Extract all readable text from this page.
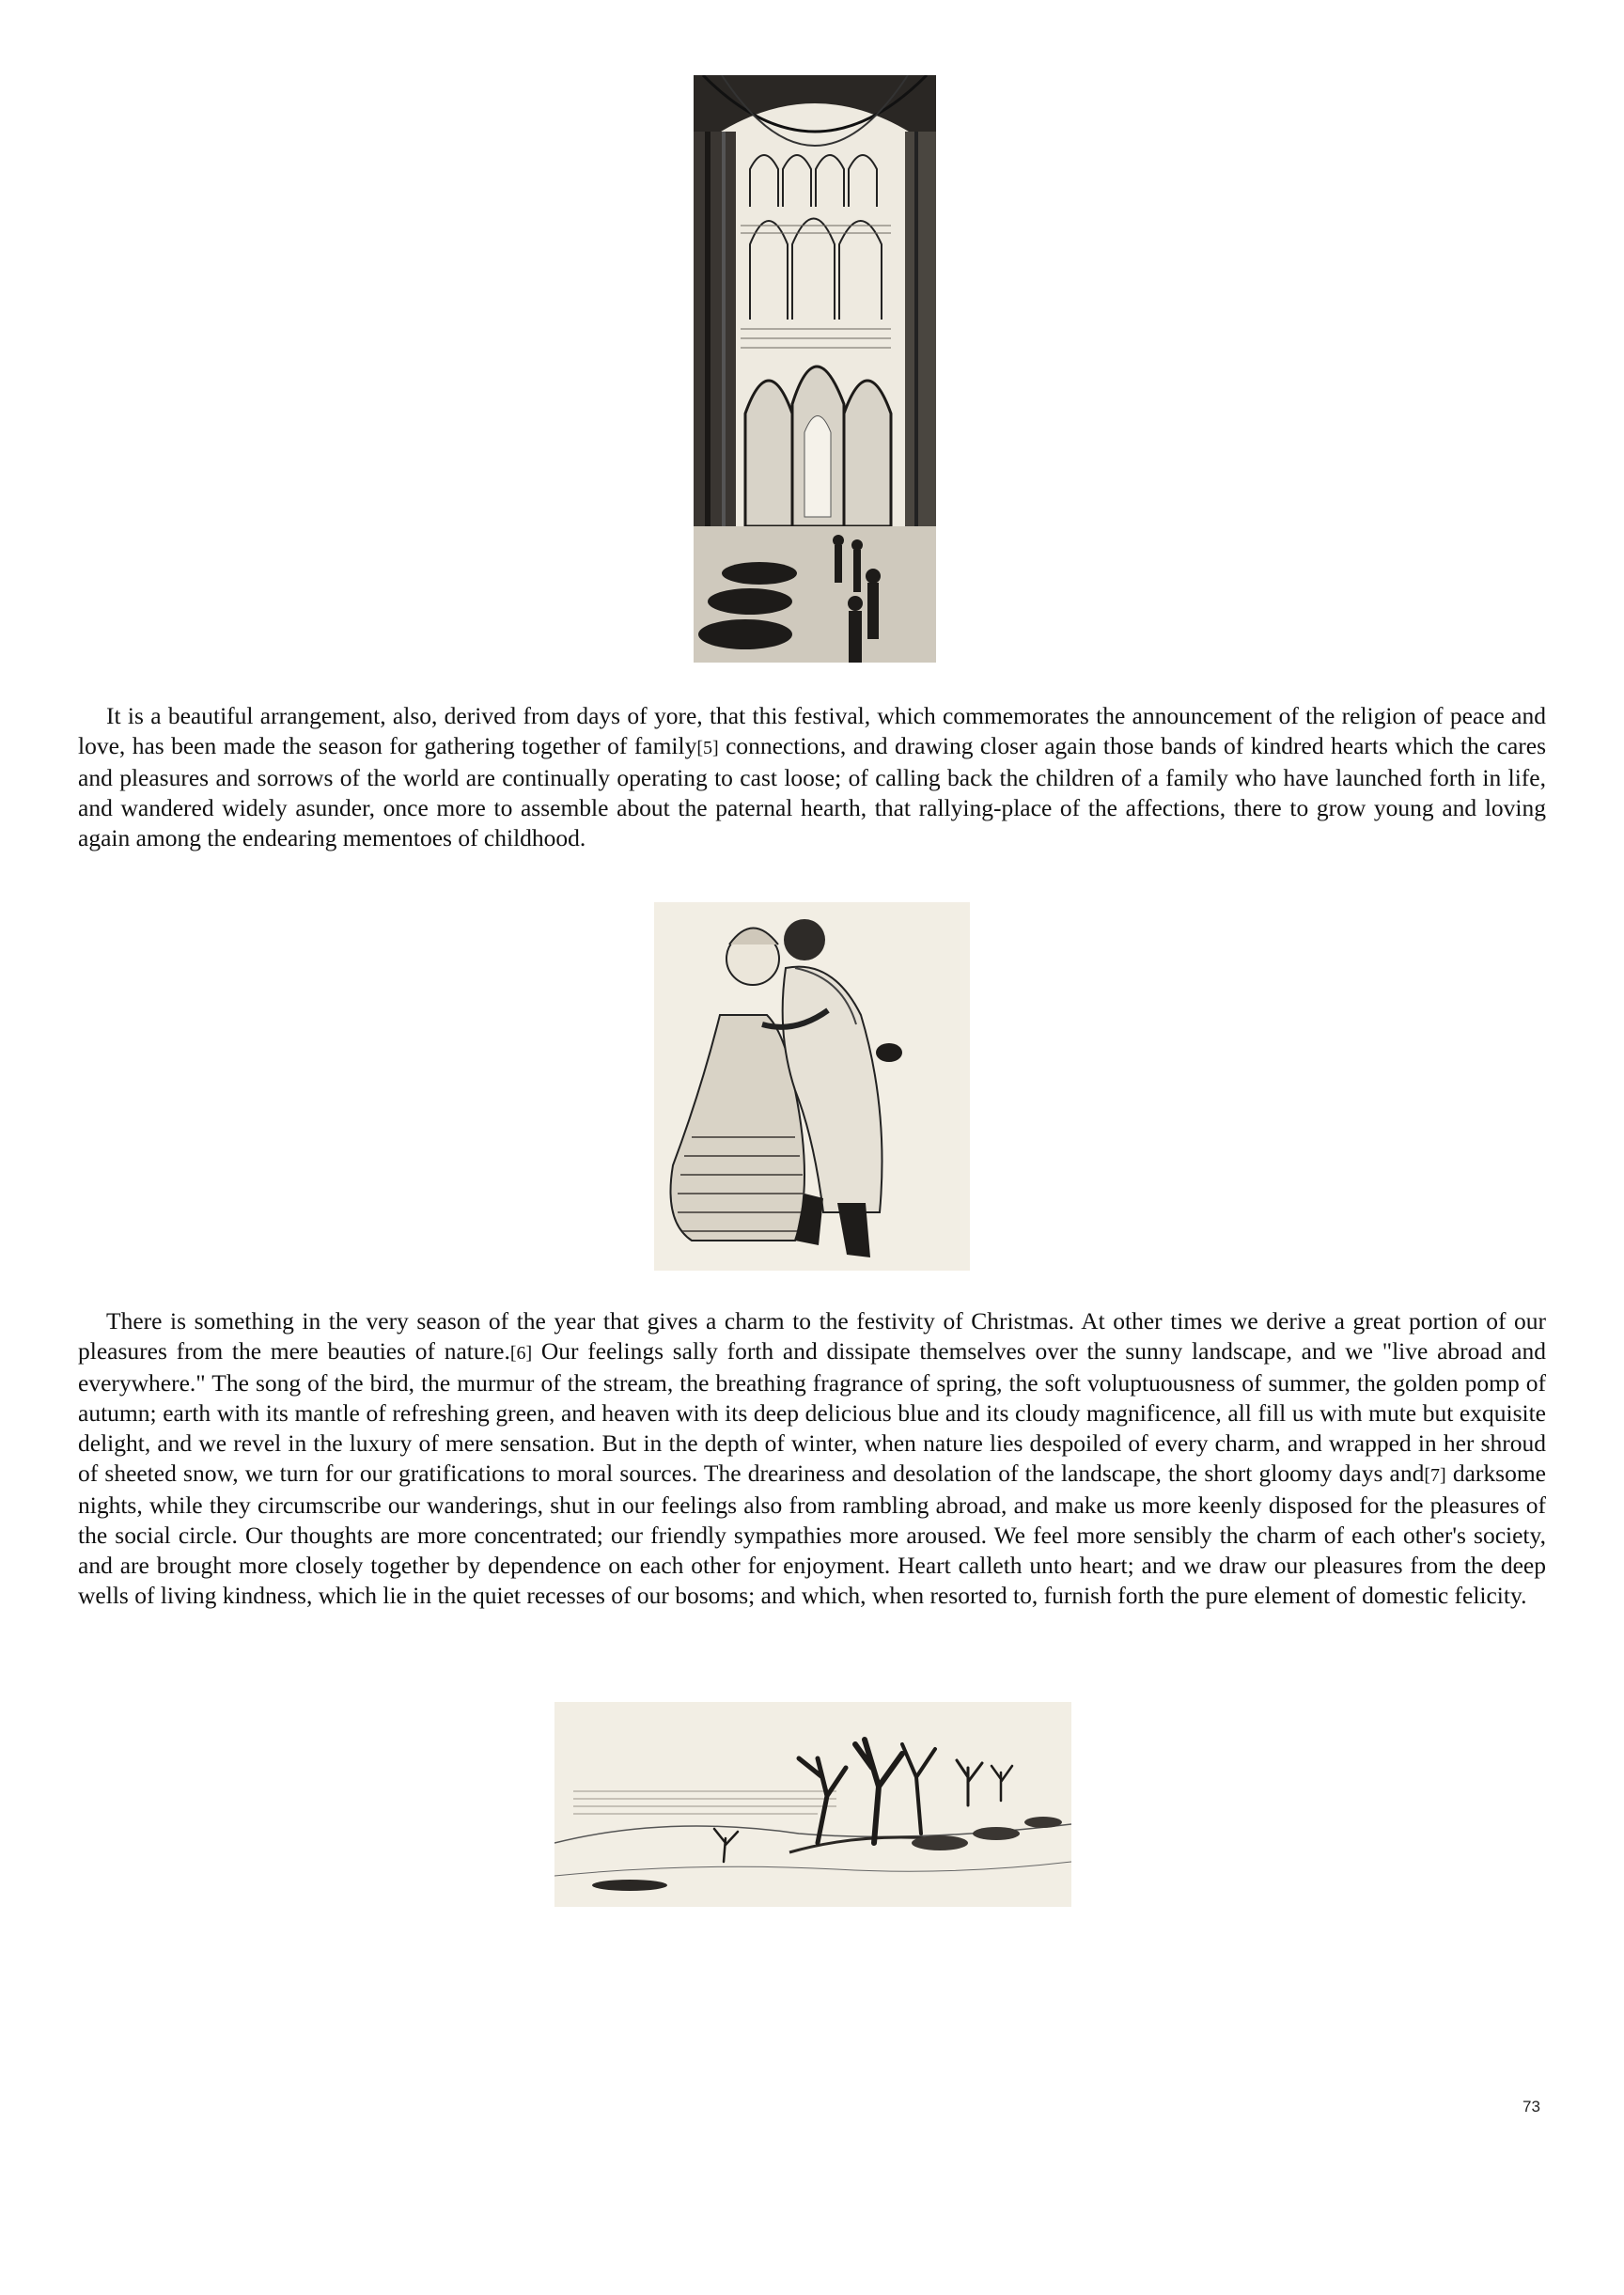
It is a beautiful arrangement, also, derived from days of yore, that this festival, which commemorates the announcement of the religion of peace and love, has been made the season for gathering together of family[5] connections, and drawing closer again those bands of kindred hearts which the cares and pleasures and sorrows of the world are continually operating to cast loose; of calling back the children of a family who have launched forth in life, and wandered widely asunder, once more to assemble about the paternal hearth, that rallying-place of the affections, there to grow young and loving again among the endearing mementoes of childhood.

There is something in the very season of the year that gives a charm to the festivity of Christmas. At other times we derive a great portion of our pleasures from the mere beauties of nature.[6] Our feelings sally forth and dissipate themselves over the sunny landscape, and we "live abroad and everywhere." The song of the bird, the murmur of the stream, the breathing fragrance of spring, the soft voluptuousness of summer, the golden pomp of autumn; earth with its mantle of refreshing green, and heaven with its deep delicious blue and its cloudy magnificence, all fill us with mute but exquisite delight, and we revel in the luxury of mere sensation. But in the depth of winter, when nature lies despoiled of every charm, and wrapped in her shroud of sheeted snow, we turn for our gratifications to moral sources. The dreariness and desolation of the landscape, the short gloomy days and[7] darksome nights, while they circumscribe our wanderings, shut in our feelings also from rambling abroad, and make us more keenly disposed for the pleasures of the social circle. Our thoughts are more concentrated; our friendly sympathies more aroused. We feel more sensibly the charm of each other's society, and are brought more closely together by dependence on each other for enjoyment. Heart calleth unto heart; and we draw our pleasures from the deep wells of living kindness, which lie in the quiet recesses of our bosoms; and which, when resorted to, furnish forth the pure element of domestic felicity.

73
